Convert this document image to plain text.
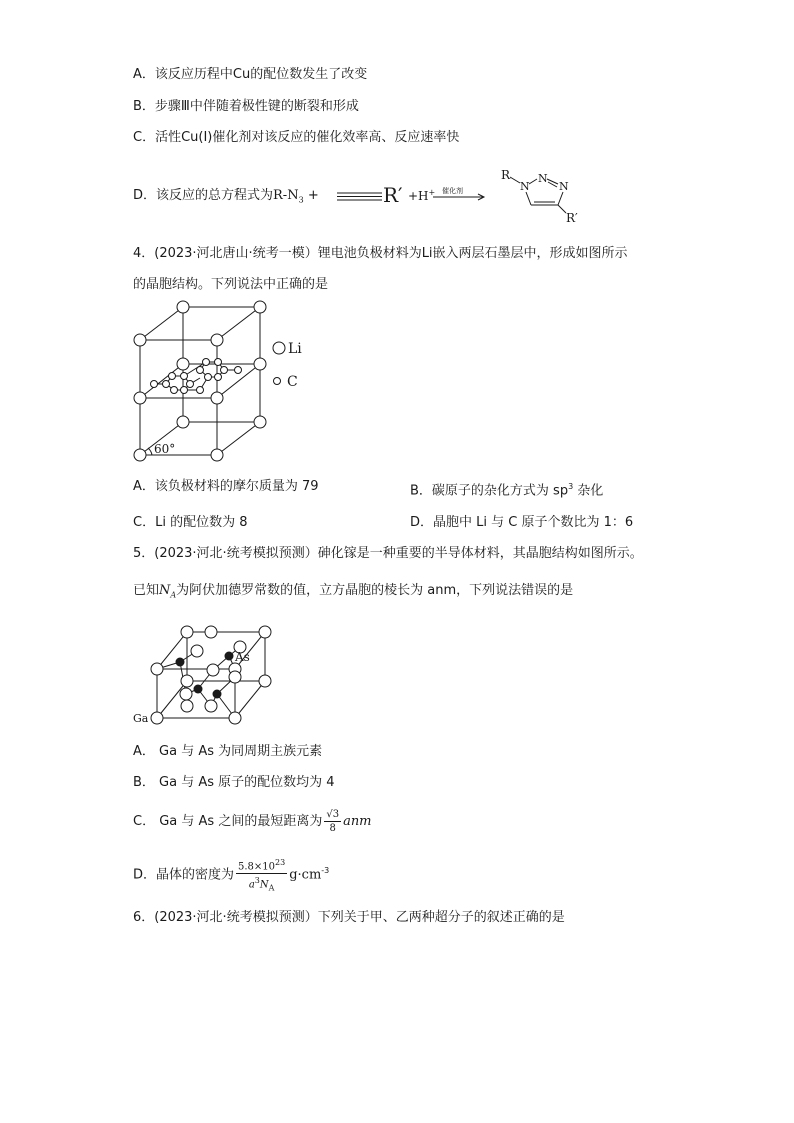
A．该反应历程中Cu的配位数发生了改变
B．步骤Ⅲ中伴随着极性键的断裂和形成
C．活性Cu(Ⅰ)催化剂对该反应的催化效率高、反应速率快
D．该反应的总方程式为$R-N_3$ +	R′ +H+ 催化剂
R
N
N
N
R′
4．(2023·河北唐山·统考一模）锂电池负极材料为Li嵌入两层石墨层中，形成如图所示
的晶胞结构。下列说法中正确的是
60°
Li
C
A．该负极材料的摩尔质量为 79	B．碳原子的杂化方式为 $sp^3$ 杂化
C．Li 的配位数为 8	D．晶胞中 Li 与 C 原子个数比为 1：6
5．(2023·河北·统考模拟预测）砷化镓是一种重要的半导体材料，其晶胞结构如图所示。
已知$N_A$为阿伏加德罗常数的值，立方晶胞的棱长为 anm，下列说法错误的是
As
Ga
A． Ga 与 As 为同周期主族元素
B． Ga 与 As 原子的配位数均为 4
C． Ga 与 As 之间的最短距离为 $\frac{√3}{8}$ anm
D．晶体的密度为 $\frac{5.8\times 10^{23}}{a^3N_A} g\cdot cm^{-3}$
6．(2023·河北·统考模拟预测）下列关于甲、乙两种超分子的叙述正确的是
